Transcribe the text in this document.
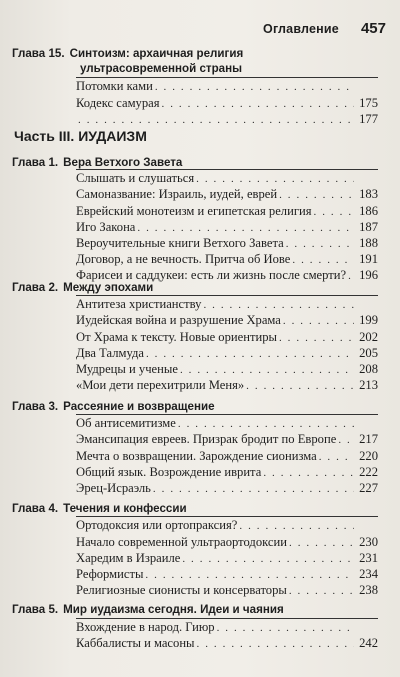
Оглавление 457
Глава 15. Синтоизм: архаичная религия
ультрасовременной страны
Потомки ками
. . .
Кодекс самурая . . .	175
. . .
177
Часть III. ИУДАИЗМ
Глава 1. Вера Ветхого Завета
Слышать и слушаться
. . .
Самоназвание: Израиль, иудей, еврей . . .	183
Еврейский монотеизм и египетская религия . . .	186
Иго Закона . . .	187
Вероучительные книги Ветхого Завета . . .	188
Договор, а не вечность. Притча об Иове . . .	191
Фарисеи и саддукеи: есть ли жизнь после смерти? . . . 196
Глава 2. Между эпохами
Антитеза христианству
. . .
Иудейская война и разрушение Храма . . .	199
От Храма к тексту. Новые ориентиры . . .	202
Два Талмуда . . .	205
Мудрецы и ученые . . .	208
«Мои дети перехитрили Меня» . . .	213
Глава 3. Рассеяние и возвращение
Об антисемитизме
. . .
Эмансипация евреев. Призрак бродит по Европе . . . 217
Мечта о возвращении. Зарождение сионизма . . .	220
Общий язык. Возрождение иврита . . .	222
Эрец-Исраэль . . .	227
Глава 4. Течения и конфессии
Ортодоксия или ортопраксия?
. . .
Начало современной ультраортодоксии . . .	230
Харедим в Израиле . . .	231
Реформисты . . .	234
Религиозные сионисты и консерваторы . . .	238
Глава 5. Мир иудаизма сегодня. Идеи и чаяния
Вхождение в народ. Гиюр
. . .
Каббалисты и масоны . . .	242
